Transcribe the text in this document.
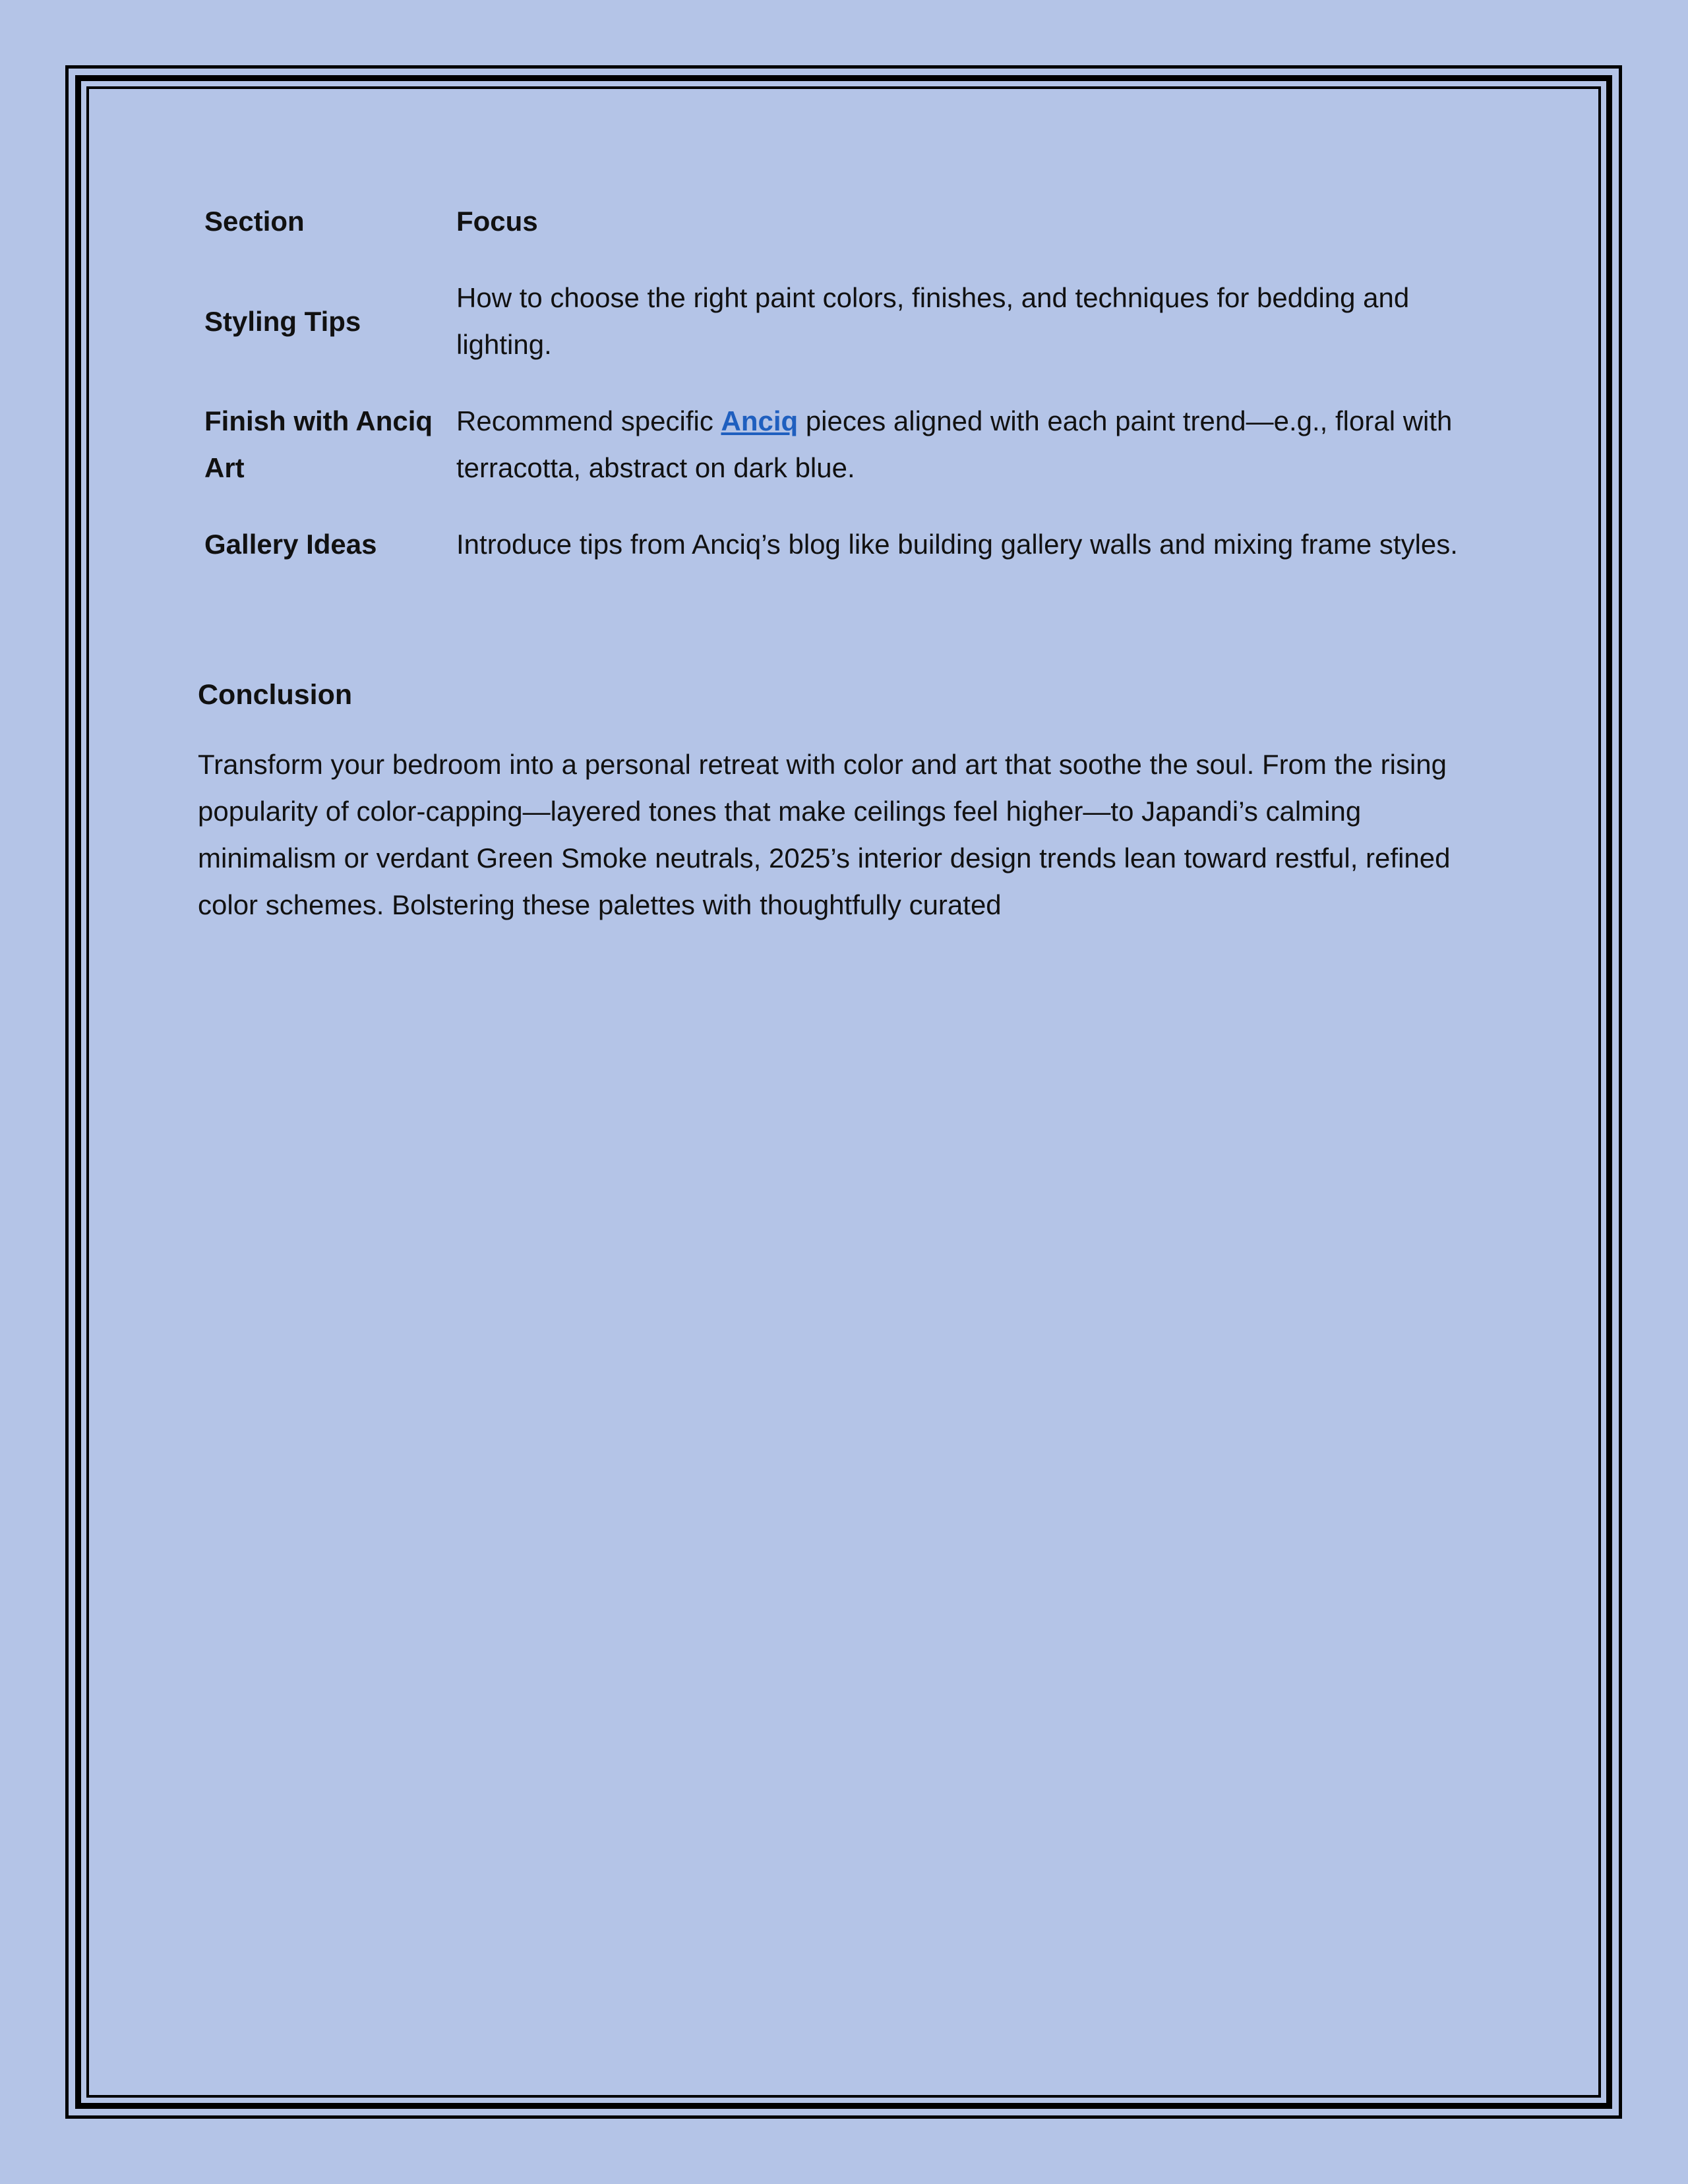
Section	Focus
Styling Tips	How to choose the right paint colors, finishes, and techniques for bedding and lighting.
Finish with Anciq Art	Recommend specific Anciq pieces aligned with each paint trend—e.g., floral with terracotta, abstract on dark blue.
Gallery Ideas	Introduce tips from Anciq’s blog like building gallery walls and mixing frame styles.
Conclusion

Transform your bedroom into a personal retreat with color and art that soothe the soul. From the rising popularity of color-capping—layered tones that make ceilings feel higher—to Japandi’s calming minimalism or verdant Green Smoke neutrals, 2025’s interior design trends lean toward restful, refined color schemes. Bolstering these palettes with thoughtfully curated
